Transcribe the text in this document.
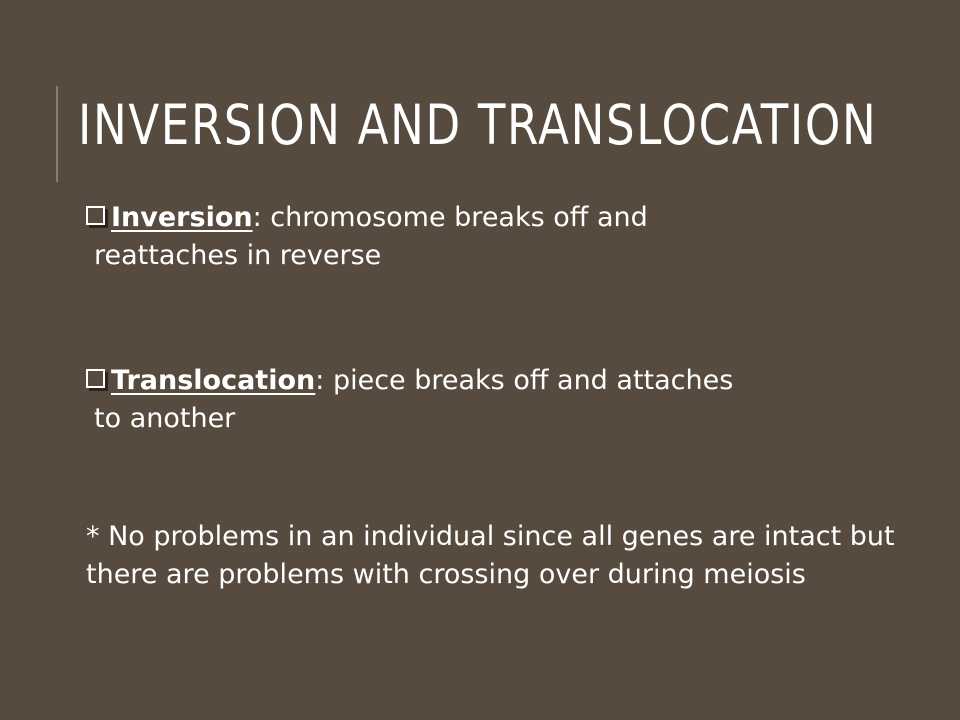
INVERSION AND TRANSLOCATION
Inversion: chromosome breaks off and
reattaches in reverse
Translocation: piece breaks off and attaches
to another
* No problems in an individual since all genes are intact but there are problems with crossing over during meiosis
